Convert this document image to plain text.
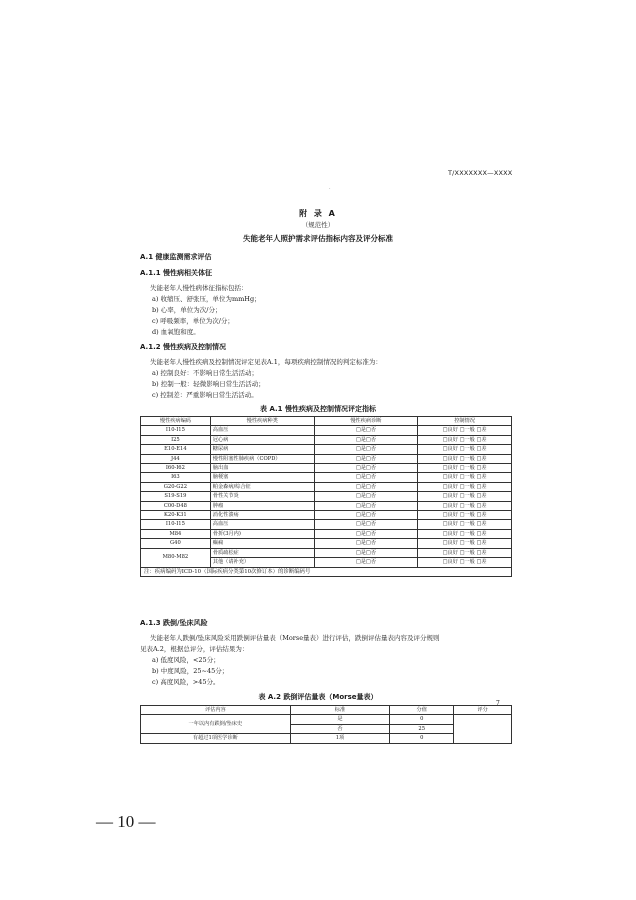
T/XXXXXXX—XXXX
·
附 录 A
（规范性）
失能老年人照护需求评估指标内容及评分标准
A.1 健康监测需求评估
A.1.1 慢性病相关体征
失能老年人慢性病体征指标包括：
a) 收缩压、舒张压，单位为mmHg；
b) 心率，单位为次/分；
c) 呼吸频率，单位为次/分；
d) 血氧饱和度。
A.1.2 慢性疾病及控制情况
失能老年人慢性疾病及控制情况评定见表A.1，每项疾病控制情况的判定标准为：
a) 控制良好：不影响日常生活活动；
b) 控制一般：轻微影响日常生活活动；
c) 控制差：严重影响日常生活活动。
表 A.1 慢性疾病及控制情况评定指标
慢性疾病编码	慢性疾病种类	慢性疾病诊断	控制情况
I10-I15	高血压	□是□否	□良好 □一般 □差
I25	冠心病	□是□否	□良好 □一般 □差
E10-E14	糖尿病	□是□否	□良好 □一般 □差
J44	慢性阻塞性肺疾病（COPD）	□是□否	□良好 □一般 □差
I60-I62	脑出血	□是□否	□良好 □一般 □差
I63	脑梗塞	□是□否	□良好 □一般 □差
G20-G22	帕金森病/综合征	□是□否	□良好 □一般 □差
S19-S19	骨性关节炎	□是□否	□良好 □一般 □差
C00-D48	肿瘤	□是□否	□良好 □一般 □差
K20-K31	消化性溃疡	□是□否	□良好 □一般 □差
I10-I15	高血压	□是□否	□良好 □一般 □差
M84	骨折(3月内)	□是□否	□良好 □一般 □差
G40	癫痫	□是□否	□良好 □一般 □差
M80-M82	骨质疏松症	□是□否	□良好 □一般 □差
	其他（请补充）	□是□否	□良好 □一般 □差
注：疾病编码为ICD-10（国际疾病分类第10次修订本）的诊断编码号			
A.1.3 跌倒/坠床风险
失能老年人跌倒/坠床风险采用跌倒评估量表（Morse量表）进行评估，跌倒评估量表内容及评分规则
见表A.2，根据总评分，评估结果为：
a) 低度风险，<25分；
b) 中度风险，25~45分；
c) 高度风险，>45分。
表 A.2 跌倒评估量表（Morse量表）
评估内容	标准	分值	评分
一年以内有跌倒/坠床史	是	0	
	否	25	
有超过1项医学诊断	1项	0	
7
— 10 —
